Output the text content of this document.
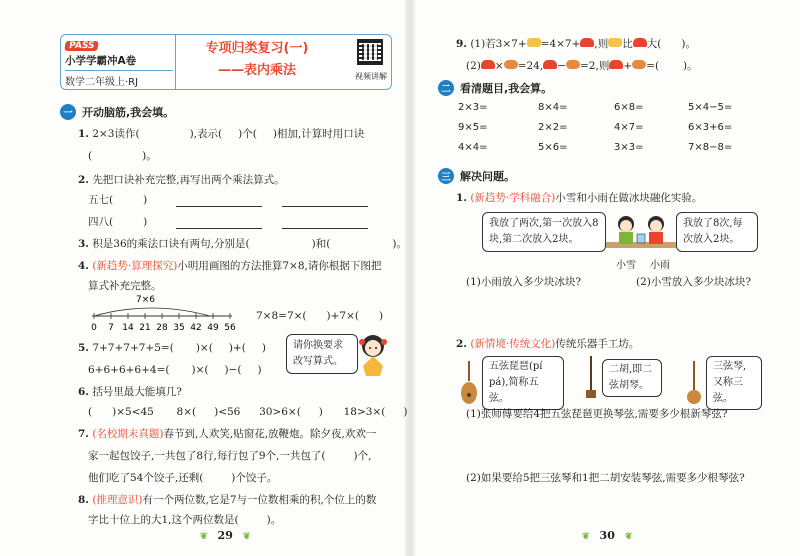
PASS
小学学霸冲A卷
数学二年级上·RJ
专项归类复习(一)
——表内乘法	视频讲解
一 开动脑筋,我会填。
1. 2×3读作(	),表示( )个( )相加,计算时用口诀
(	)。
2. 先把口诀补充完整,再写出两个乘法算式。
五七(	)
四八(	)
3. 积是36的乘法口诀有两句,分别是(	)和(	)。
4. (新趋势·算理探究)小明用画图的方法推算7×8,请你根据下图把
算式补充完整。
7×6
0 7 14 21 28 35 42 49 56
7×8=7×( )+7×( )
5. 7+7+7+7+5=( )×( )+( )
6+6+6+6+4=( )×( )−( )
请你换要求改写算式。
6. 括号里最大能填几?
( )×5<45 8×( )<56 30>6×( ) 18>3×( )
7. (名校期末真题)春节到,人欢笑,贴窗花,放鞭炮。除夕夜,欢欢一
家一起包饺子,一共包了8行,每行包了9个,一共包了(	)个,
他们吃了54个饺子,还剩(	)个饺子。
8. (推理意识)有一个两位数,它是7与一位数相乘的积,个位上的数
字比十位上的大1,这个两位数是(	)。
❦ 29 ❦
9. (1)若3×7+ =4×7+ ,则 比 大( )。
(2) × =24, − =2,则 + =( )。
二 看清题目,我会算。
2×3=	8×4=	6×8=	5×4−5=
9×5=	2×2=	4×7=	6×3+6=
4×4=	5×6=	3×3=	7×8−8=
三 解决问题。
1. (新趋势·学科融合)小雪和小雨在做冰块融化实验。
我放了两次,第一次放入8块,第二次放入2块。
我放了8次,每次放入2块。
小雪 小雨
(1)小雨放入多少块冰块?	(2)小雪放入多少块冰块?
2. (新情境·传统文化)传统乐器手工坊。
五弦琵琶(pí pá),简称五弦。
二胡,即二弦胡琴。
三弦琴,又称三弦。
(1)张师傅要给4把五弦琵琶更换琴弦,需要多少根新琴弦?
(2)如果要给5把三弦琴和1把二胡安装琴弦,需要多少根琴弦?
❦ 30 ❦
